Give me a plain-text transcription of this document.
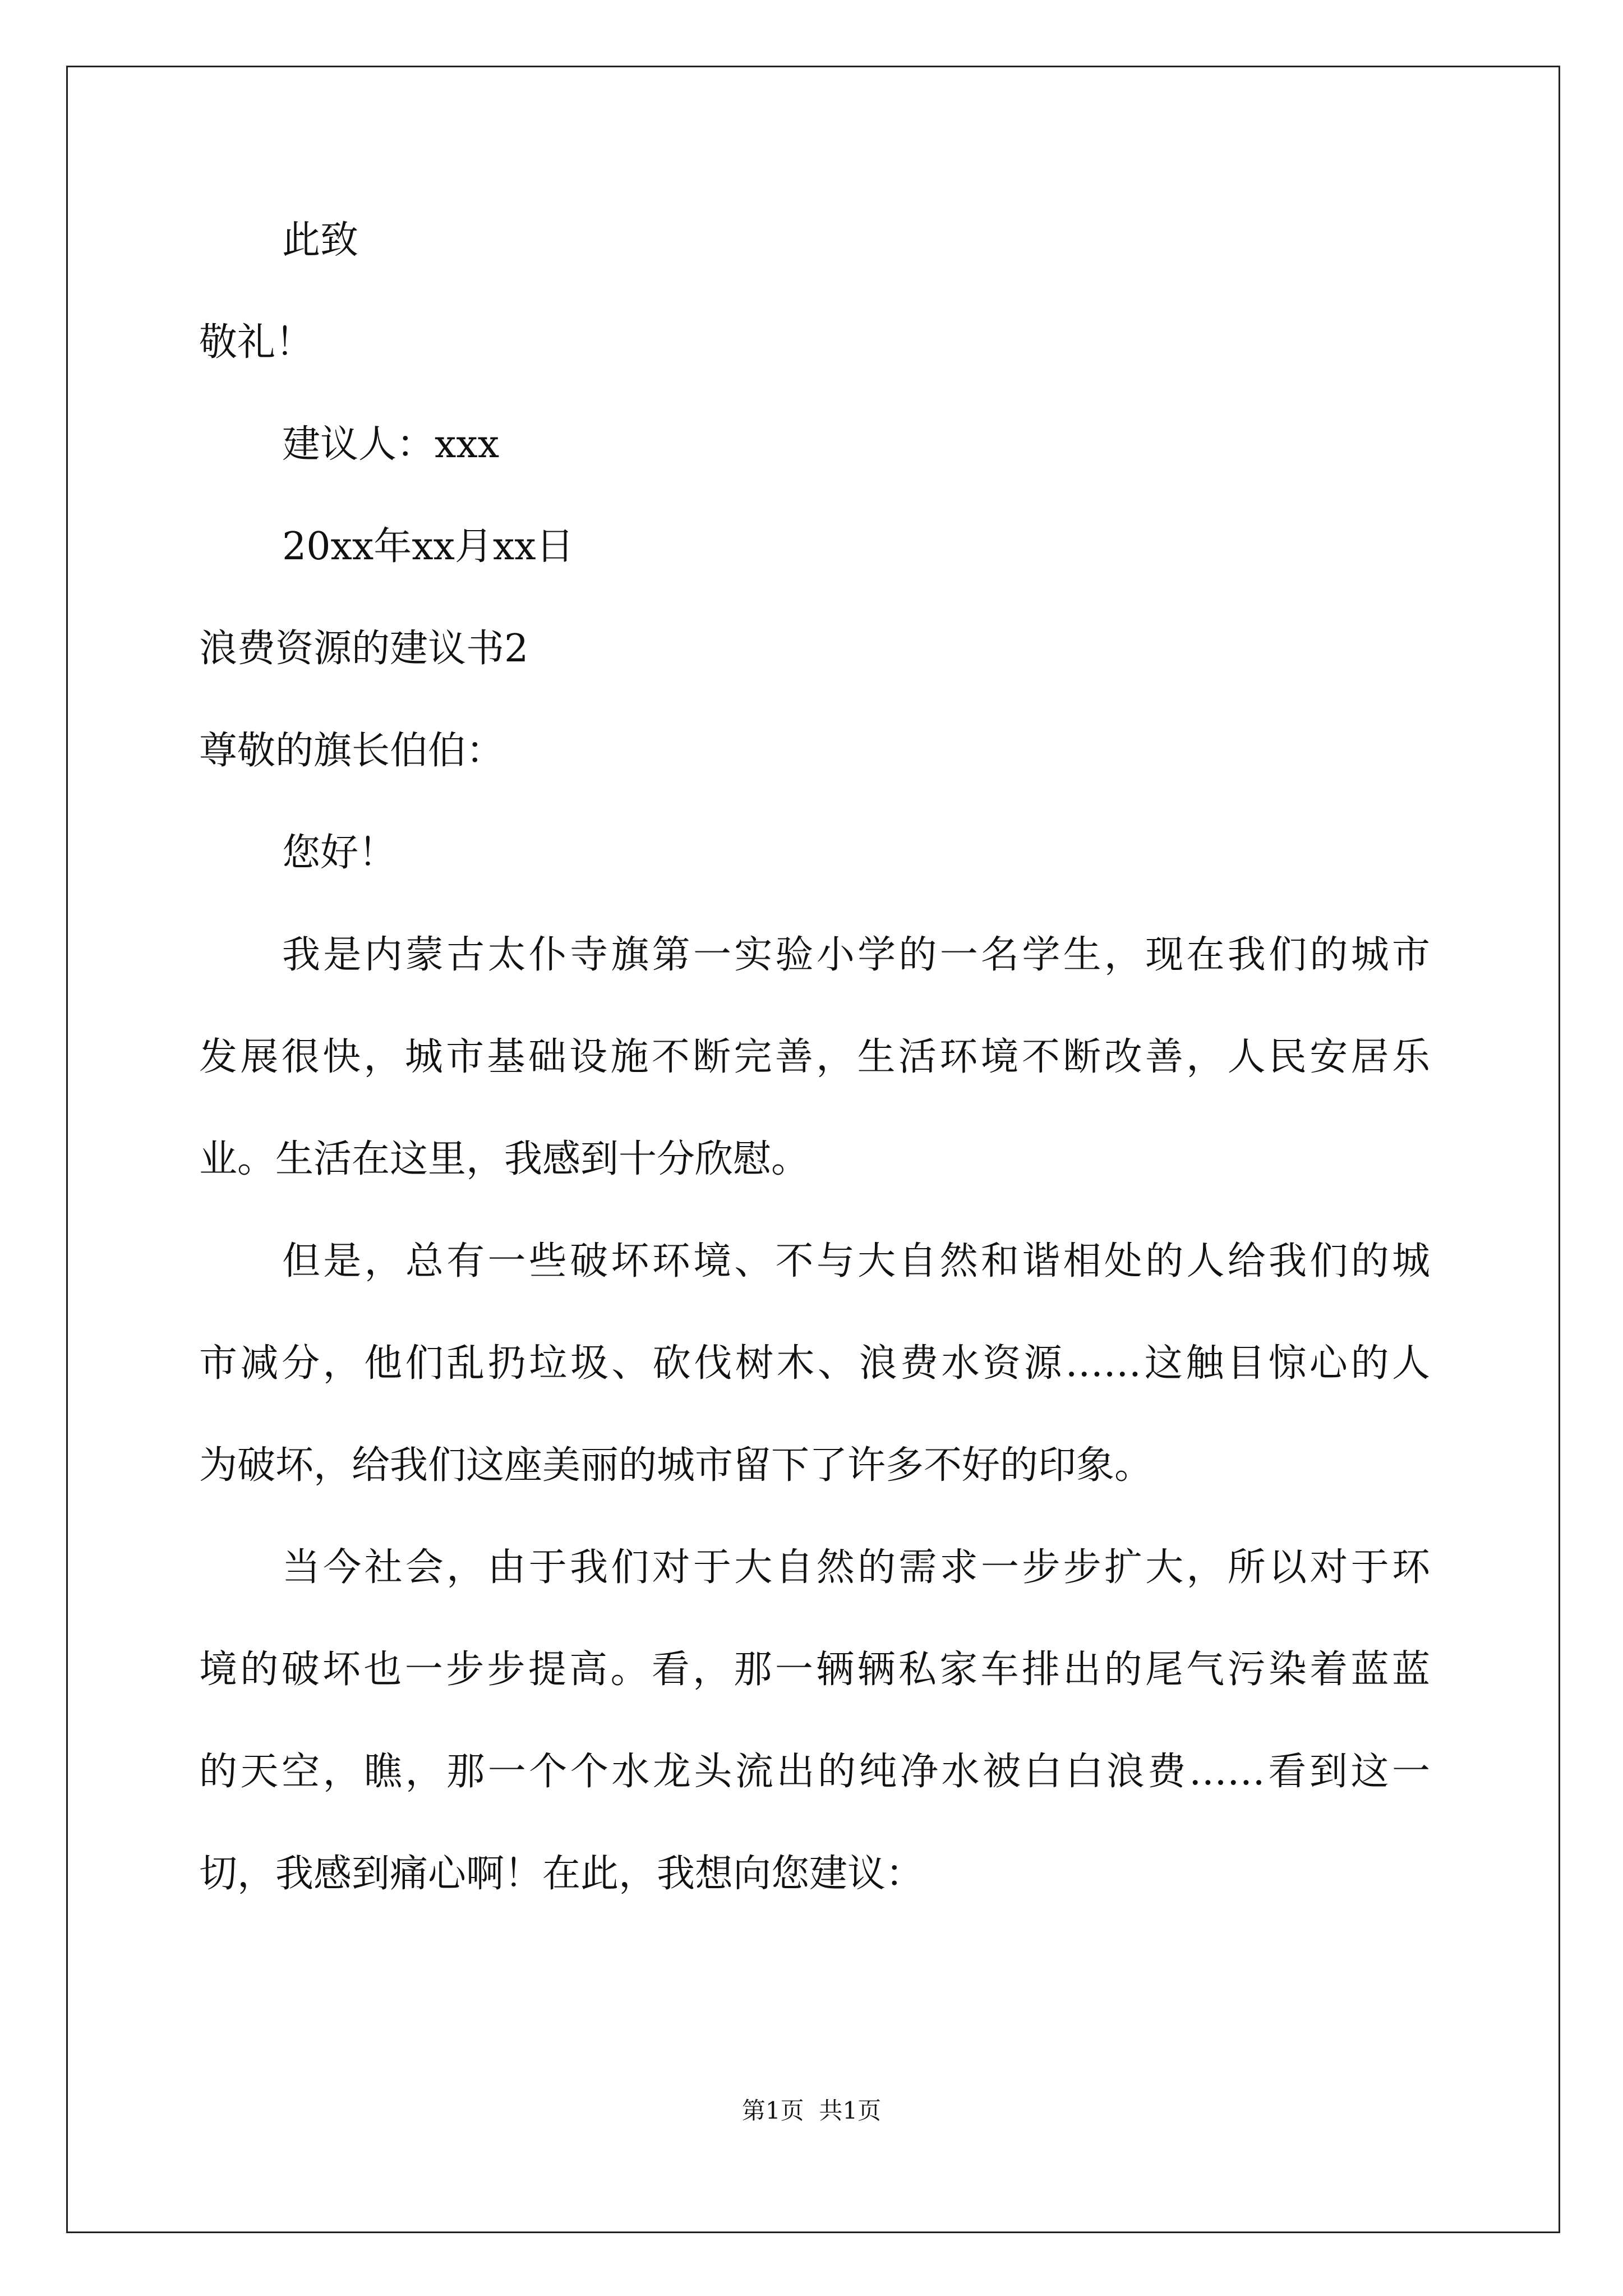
此致
敬礼！
建议人：xxx
20xx年xx月xx日
浪费资源的建议书2
尊敬的旗长伯伯：
您好！
我是内蒙古太仆寺旗第一实验小学的一名学生，现在我们的城市
发展很快，城市基础设施不断完善，生活环境不断改善，人民安居乐
业。生活在这里，我感到十分欣慰。
但是，总有一些破坏环境、不与大自然和谐相处的人给我们的城
市减分，他们乱扔垃圾、砍伐树木、浪费水资源……这触目惊心的人
为破坏，给我们这座美丽的城市留下了许多不好的印象。
当今社会，由于我们对于大自然的需求一步步扩大，所以对于环
境的破坏也一步步提高。看，那一辆辆私家车排出的尾气污染着蓝蓝
的天空，瞧，那一个个水龙头流出的纯净水被白白浪费……看到这一
切，我感到痛心啊！在此，我想向您建议：
第1页  共1页
